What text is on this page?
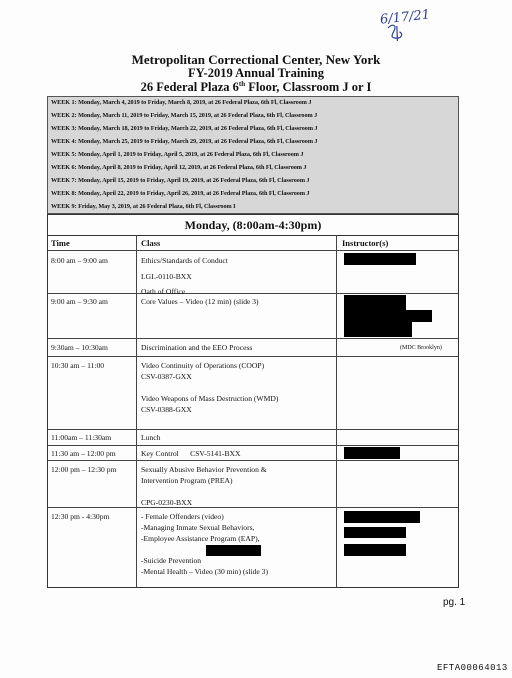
6/17/21
Metropolitan Correctional Center, New York
FY-2019 Annual Training
26 Federal Plaza 6th Floor, Classroom J or I
WEEK 1: Monday, March 4, 2019 to Friday, March 8, 2019, at 26 Federal Plaza, 6th Fl, Classroom J
WEEK 2: Monday, March 11, 2019 to Friday, March 15, 2019, at 26 Federal Plaza, 6th Fl, Classroom J
WEEK 3: Monday, March 18, 2019 to Friday, March 22, 2019, at 26 Federal Plaza, 6th Fl, Classroom J
WEEK 4: Monday, March 25, 2019 to Friday, March 29, 2019, at 26 Federal Plaza, 6th Fl, Classroom J
WEEK 5: Monday, April 1, 2019 to Friday, April 5, 2019, at 26 Federal Plaza, 6th Fl, Classroom J
WEEK 6: Monday, April 8, 2019 to Friday, April 12, 2019, at 26 Federal Plaza, 6th Fl, Classroom J
WEEK 7: Monday, April 15, 2019 to Friday, April 19, 2019, at 26 Federal Plaza, 6th Fl, Classroom J
WEEK 8: Monday, April 22, 2019 to Friday, April 26, 2019, at 26 Federal Plaza, 6th Fl, Classroom J
WEEK 9: Friday, May 3, 2019, at 26 Federal Plaza, 6th Fl, Classroom I
Monday, (8:00am-4:30pm)
Time	Class	Instructor(s)
8:00 am – 9:00 am	Ethics/Standards of Conduct
LGL-0110-BXX
Oath of Office
9:00 am – 9:30 am	Core Values – Video (12 min) (slide 3)
9:30am – 10:30am	Discrimination and the EEO Process	(MDC Brooklyn)
10:30 am – 11:00	Video Continuity of Operations (COOP)
CSV-0387-GXX

Video Weapons of Mass Destruction (WMD)
CSV-0388-GXX
11:00am – 11:30am	Lunch
11:30 am – 12:00 pm	Key Control      CSV-5141-BXX
12:00 pm – 12:30 pm	Sexually Abusive Behavior Prevention &
Intervention Program (PREA)

CPG-0230-BXX
12:30 pm - 4:30pm	- Female Offenders (video)
-Managing Inmate Sexual Behaviors,
-Employee Assistance Program (EAP),

-Suicide Prevention
-Mental Health – Video (30 min) (slide 3)
pg. 1
EFTA00064013
